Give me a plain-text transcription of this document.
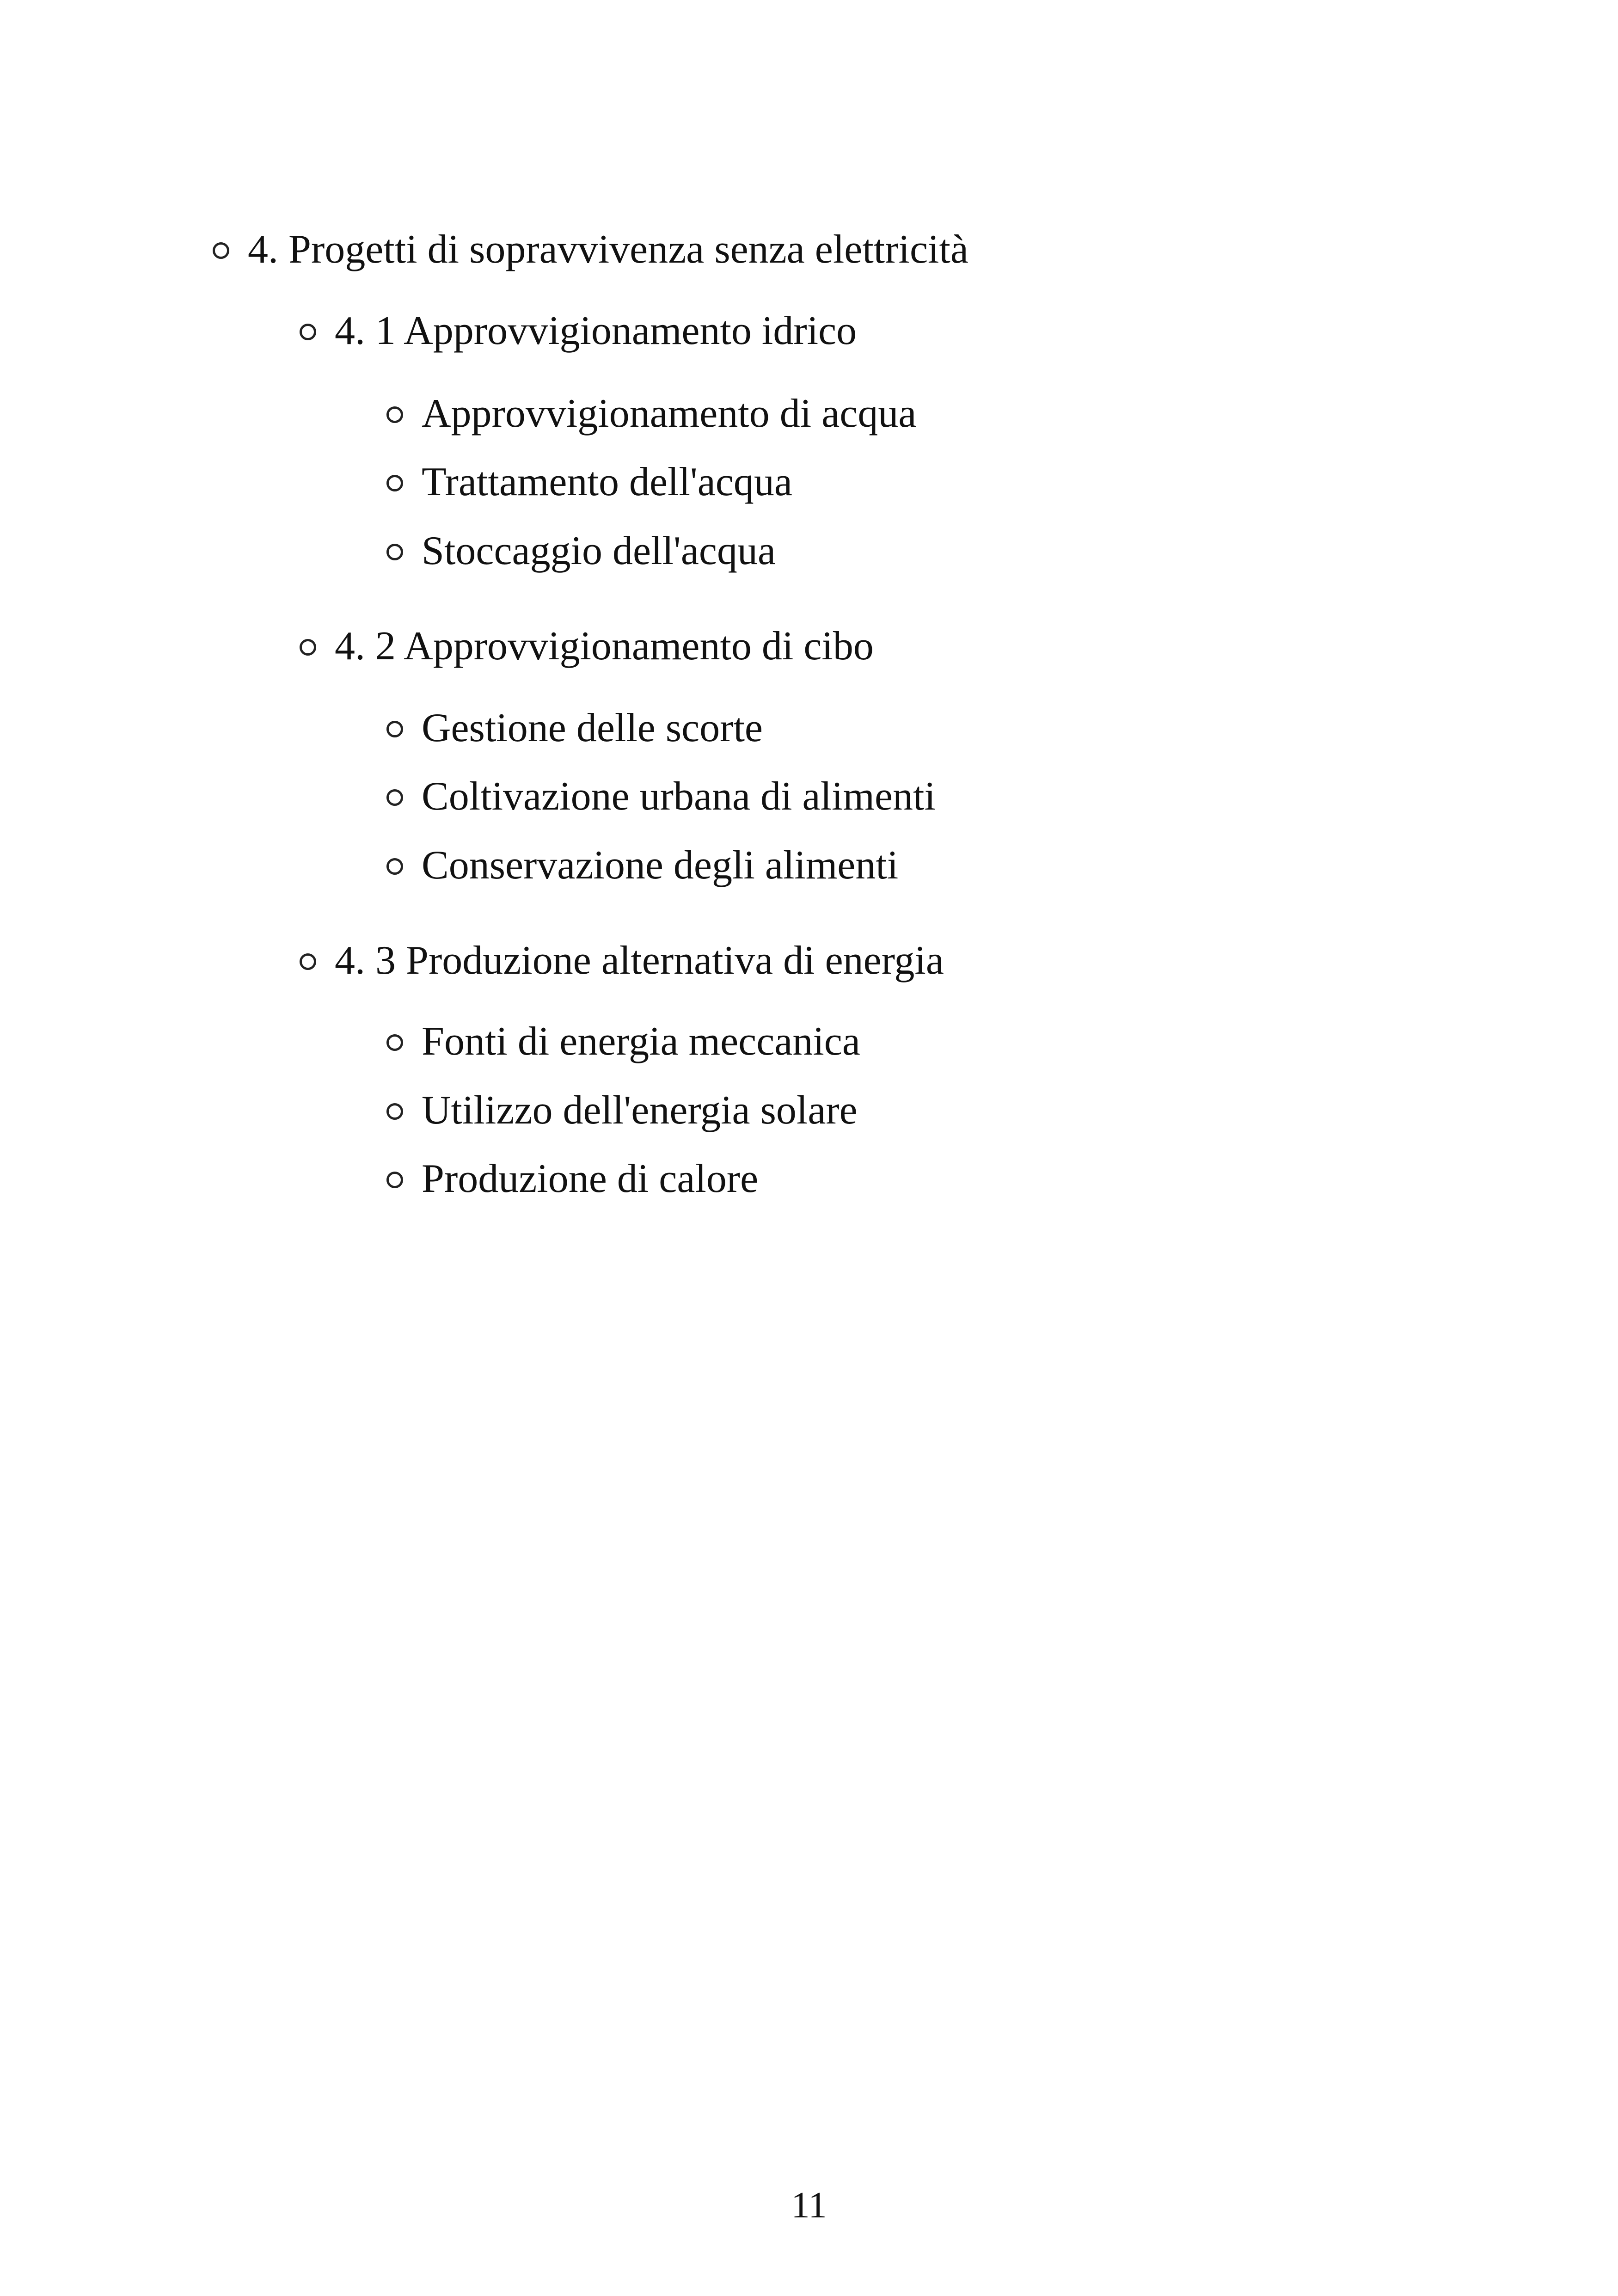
4. Progetti di sopravvivenza senza elettricità
4. 1 Approvvigionamento idrico
Approvvigionamento di acqua
Trattamento dell'acqua
Stoccaggio dell'acqua
4. 2 Approvvigionamento di cibo
Gestione delle scorte
Coltivazione urbana di alimenti
Conservazione degli alimenti
4. 3 Produzione alternativa di energia
Fonti di energia meccanica
Utilizzo dell'energia solare
Produzione di calore
11
